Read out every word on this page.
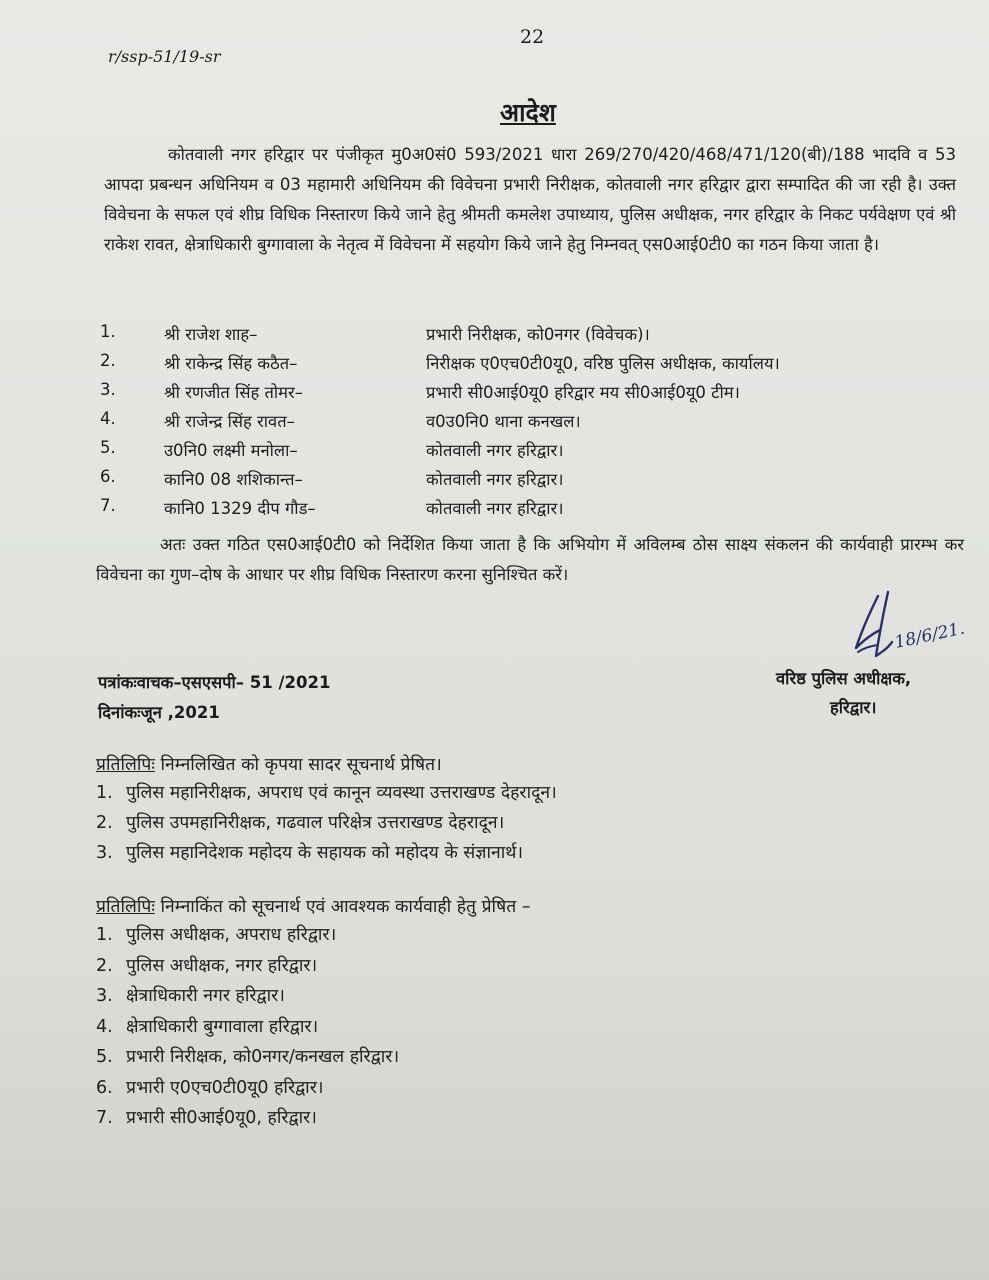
22
r/ssp-51/19-sr
आदेश
कोतवाली नगर हरिद्वार पर पंजीकृत मु0अ0सं0 593/2021 धारा 269/270/420/468/471/120(बी)/188 भादवि व 53 आपदा प्रबन्धन अधिनियम व 03 महामारी अधिनियम की विवेचना प्रभारी निरीक्षक, कोतवाली नगर हरिद्वार द्वारा सम्पादित की जा रही है। उक्त विवेचना के सफल एवं शीघ्र विधिक निस्तारण किये जाने हेतु श्रीमती कमलेश उपाध्याय, पुलिस अधीक्षक, नगर हरिद्वार के निकट पर्यवेक्षण एवं श्री राकेश रावत, क्षेत्राधिकारी बुग्गावाला के नेतृत्व में विवेचना में सहयोग किये जाने हेतु निम्नवत् एस0आई0टी0 का गठन किया जाता है।
1.	श्री राजेश शाह–	प्रभारी निरीक्षक, को0नगर (विवेचक)।
2.	श्री राकेन्द्र सिंह कठैत–	निरीक्षक ए0एच0टी0यू0, वरिष्ठ पुलिस अधीक्षक, कार्यालय।
3.	श्री रणजीत सिंह तोमर–	प्रभारी सी0आई0यू0 हरिद्वार मय सी0आई0यू0 टीम।
4.	श्री राजेन्द्र सिंह रावत–	व0उ0नि0 थाना कनखल।
5.	उ0नि0 लक्ष्मी मनोला–	कोतवाली नगर हरिद्वार।
6.	कानि0 08 शशिकान्त–	कोतवाली नगर हरिद्वार।
7.	कानि0 1329 दीप गौड–	कोतवाली नगर हरिद्वार।
अतः उक्त गठित एस0आई0टी0 को निर्देशित किया जाता है कि अभियोग में अविलम्ब ठोस साक्ष्य संकलन की कार्यवाही प्रारम्भ कर विवेचना का गुण–दोष के आधार पर शीघ्र विधिक निस्तारण करना सुनिश्चित करें।
18/6/21.
पत्रांकःवाचक–एसएसपी– 51 /2021
दिनांकःजून ,2021
वरिष्ठ पुलिस अधीक्षक,
हरिद्वार।
प्रतिलिपिः निम्नलिखित को कृपया सादर सूचनार्थ प्रेषित।
1. पुलिस महानिरीक्षक, अपराध एवं कानून व्यवस्था उत्तराखण्ड देहरादून।
2. पुलिस उपमहानिरीक्षक, गढवाल परिक्षेत्र उत्तराखण्ड देहरादून।
3. पुलिस महानिदेशक महोदय के सहायक को महोदय के संज्ञानार्थ।
प्रतिलिपिः निम्नाकिंत को सूचनार्थ एवं आवश्यक कार्यवाही हेतु प्रेषित –
1. पुलिस अधीक्षक, अपराध हरिद्वार।
2. पुलिस अधीक्षक, नगर हरिद्वार।
3. क्षेत्राधिकारी नगर हरिद्वार।
4. क्षेत्राधिकारी बुग्गावाला हरिद्वार।
5. प्रभारी निरीक्षक, को0नगर/कनखल हरिद्वार।
6. प्रभारी ए0एच0टी0यू0 हरिद्वार।
7. प्रभारी सी0आई0यू0, हरिद्वार।
